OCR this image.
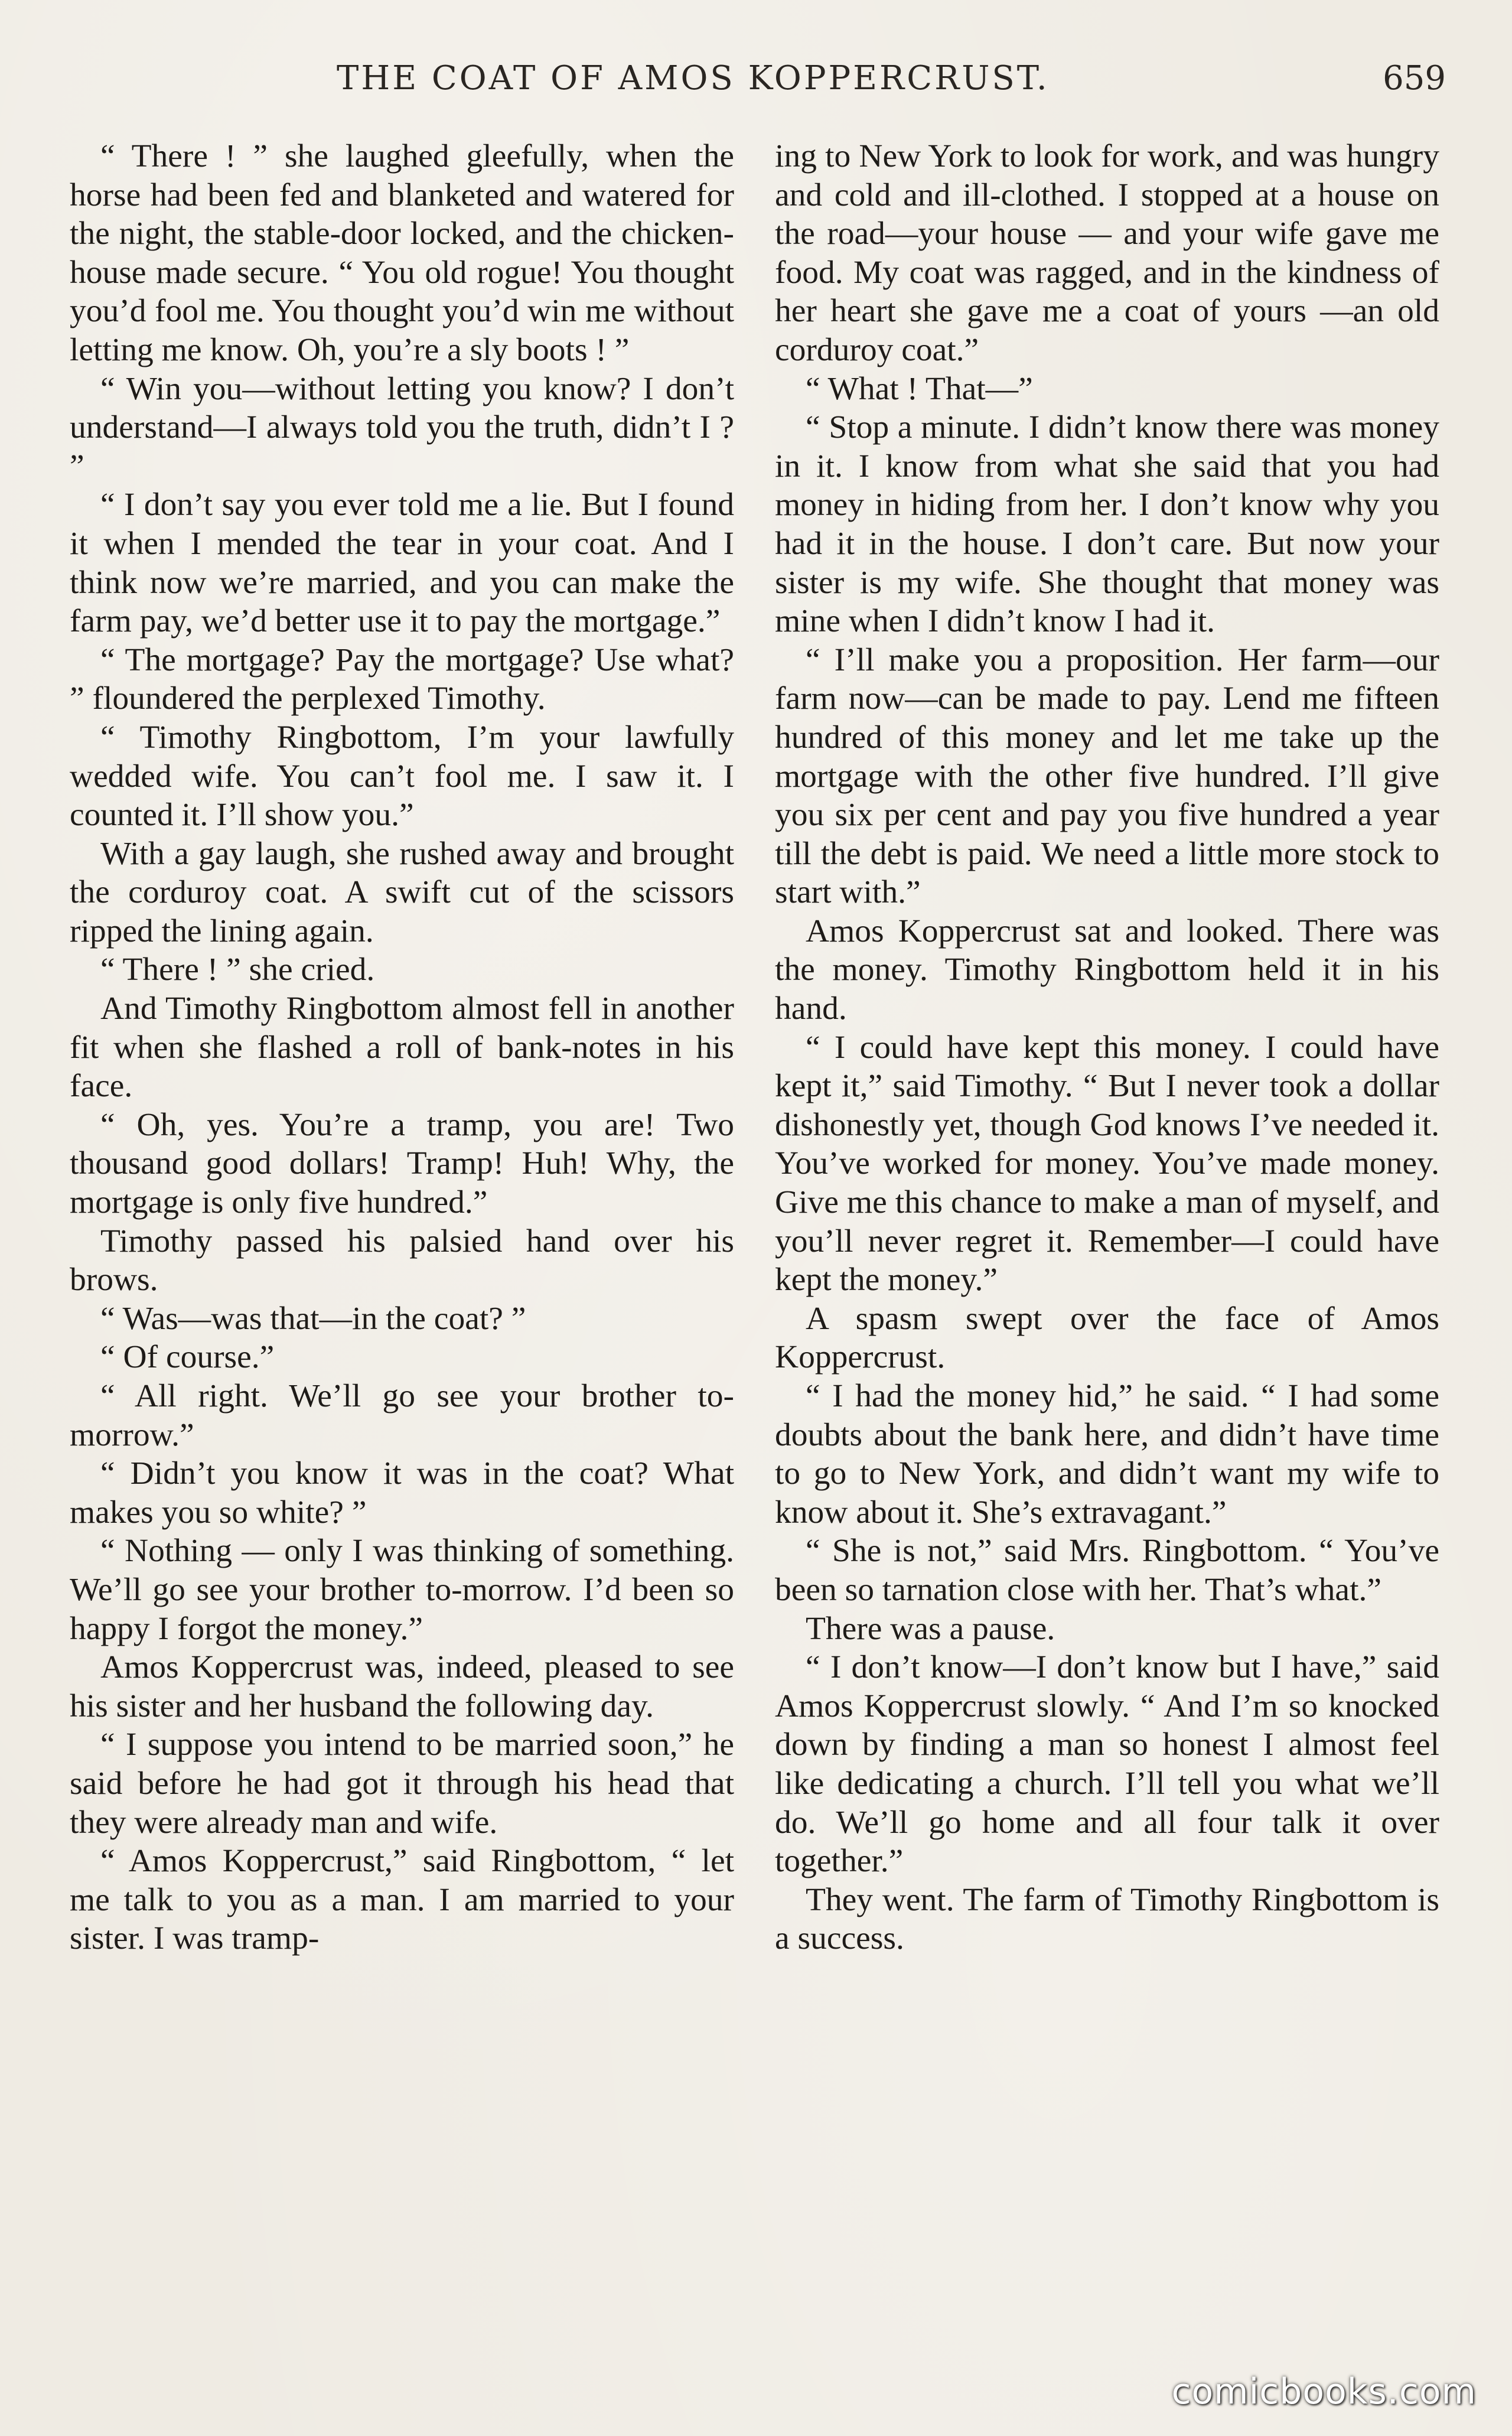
THE COAT OF AMOS KOPPERCRUST.	659

“ There ! ” she laughed gleefully, when the horse had been fed and blanketed and watered for the night, the stable-door locked, and the chicken-house made secure. “ You old rogue! You thought you’d fool me. You thought you’d win me without letting me know. Oh, you’re a sly boots ! ”

“ Win you—without letting you know? I don’t understand—I always told you the truth, didn’t I ? ”

“ I don’t say you ever told me a lie. But I found it when I mended the tear in your coat. And I think now we’re married, and you can make the farm pay, we’d better use it to pay the mortgage.”

“ The mortgage? Pay the mortgage? Use what? ” floundered the perplexed Timothy.

“ Timothy Ringbottom, I’m your lawfully wedded wife. You can’t fool me. I saw it. I counted it. I’ll show you.”

With a gay laugh, she rushed away and brought the corduroy coat. A swift cut of the scissors ripped the lining again.

“ There ! ” she cried.

And Timothy Ringbottom almost fell in another fit when she flashed a roll of bank-notes in his face.

“ Oh, yes. You’re a tramp, you are! Two thousand good dollars! Tramp! Huh! Why, the mortgage is only five hundred.”

Timothy passed his palsied hand over his brows.

“ Was—was that—in the coat? ”

“ Of course.”

“ All right. We’ll go see your brother to-morrow.”

“ Didn’t you know it was in the coat? What makes you so white? ”

“ Nothing — only I was thinking of something. We’ll go see your brother to-morrow. I’d been so happy I forgot the money.”

Amos Koppercrust was, indeed, pleased to see his sister and her husband the following day.

“ I suppose you intend to be married soon,” he said before he had got it through his head that they were already man and wife.

“ Amos Koppercrust,” said Ringbottom, “ let me talk to you as a man. I am married to your sister. I was tramp-

ing to New York to look for work, and was hungry and cold and ill-clothed. I stopped at a house on the road—your house — and your wife gave me food. My coat was ragged, and in the kindness of her heart she gave me a coat of yours —an old corduroy coat.”

“ What ! That—”

“ Stop a minute. I didn’t know there was money in it. I know from what she said that you had money in hiding from her. I don’t know why you had it in the house. I don’t care. But now your sister is my wife. She thought that money was mine when I didn’t know I had it.

“ I’ll make you a proposition. Her farm—our farm now—can be made to pay. Lend me fifteen hundred of this money and let me take up the mortgage with the other five hundred. I’ll give you six per cent and pay you five hundred a year till the debt is paid. We need a little more stock to start with.”

Amos Koppercrust sat and looked. There was the money. Timothy Ringbottom held it in his hand.

“ I could have kept this money. I could have kept it,” said Timothy. “ But I never took a dollar dishonestly yet, though God knows I’ve needed it. You’ve worked for money. You’ve made money. Give me this chance to make a man of myself, and you’ll never regret it. Remember—I could have kept the money.”

A spasm swept over the face of Amos Koppercrust.

“ I had the money hid,” he said. “ I had some doubts about the bank here, and didn’t have time to go to New York, and didn’t want my wife to know about it. She’s extravagant.”

“ She is not,” said Mrs. Ringbottom. “ You’ve been so tarnation close with her. That’s what.”

There was a pause.

“ I don’t know—I don’t know but I have,” said Amos Koppercrust slowly. “ And I’m so knocked down by finding a man so honest I almost feel like dedicating a church. I’ll tell you what we’ll do. We’ll go home and all four talk it over together.”

They went. The farm of Timothy Ringbottom is a success.

comicbooks.com
